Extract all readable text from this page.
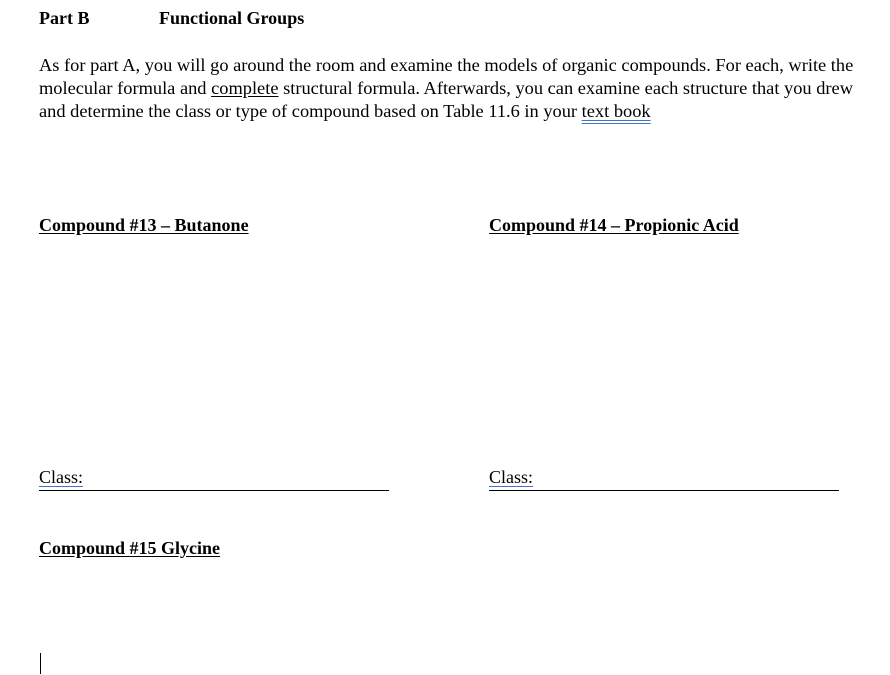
Part B	Functional Groups

As for part A, you will go around the room and examine the models of organic compounds. For each, write the molecular formula and complete structural formula. Afterwards, you can examine each structure that you drew and determine the class or type of compound based on Table 11.6 in your text book

Compound #13 – Butanone	Compound #14 – Propionic Acid
Class:	Class:
Compound #15 Glycine
